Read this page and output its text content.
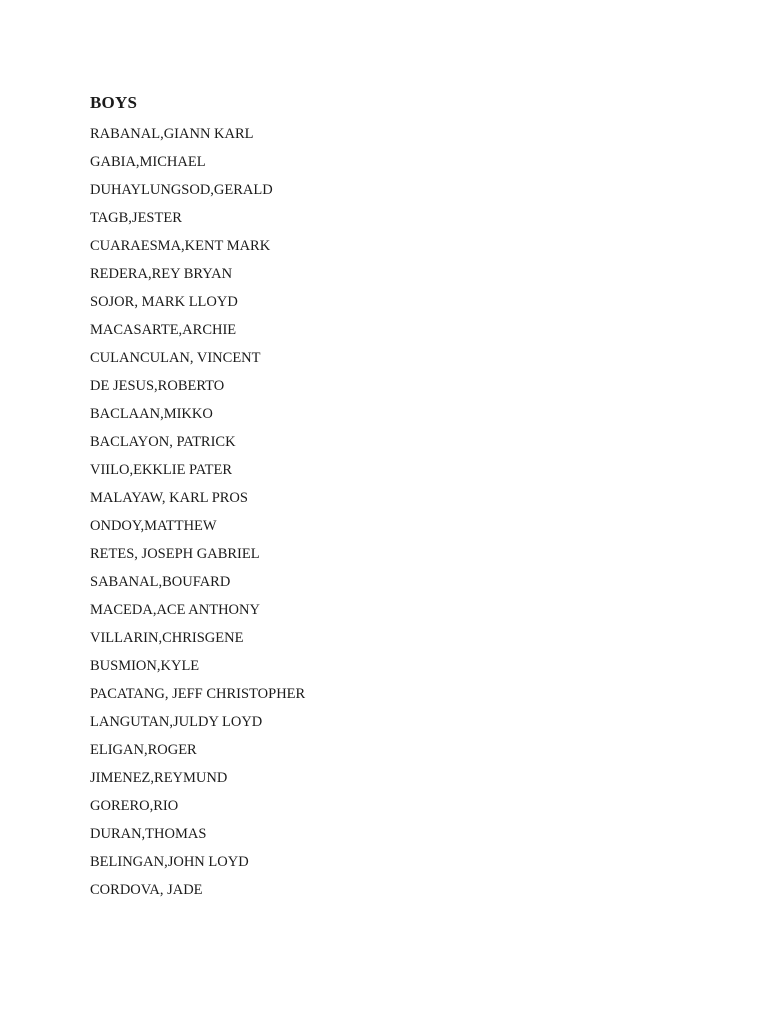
BOYS
RABANAL,GIANN KARL
GABIA,MICHAEL
DUHAYLUNGSOD,GERALD
TAGB,JESTER
CUARAESMA,KENT MARK
REDERA,REY BRYAN
SOJOR, MARK LLOYD
MACASARTE,ARCHIE
CULANCULAN, VINCENT
DE JESUS,ROBERTO
BACLAAN,MIKKO
BACLAYON, PATRICK
VIILO,EKKLIE PATER
MALAYAW, KARL PROS
ONDOY,MATTHEW
RETES, JOSEPH GABRIEL
SABANAL,BOUFARD
MACEDA,ACE ANTHONY
VILLARIN,CHRISGENE
BUSMION,KYLE
PACATANG, JEFF CHRISTOPHER
LANGUTAN,JULDY LOYD
ELIGAN,ROGER
JIMENEZ,REYMUND
GORERO,RIO
DURAN,THOMAS
BELINGAN,JOHN LOYD
CORDOVA, JADE
